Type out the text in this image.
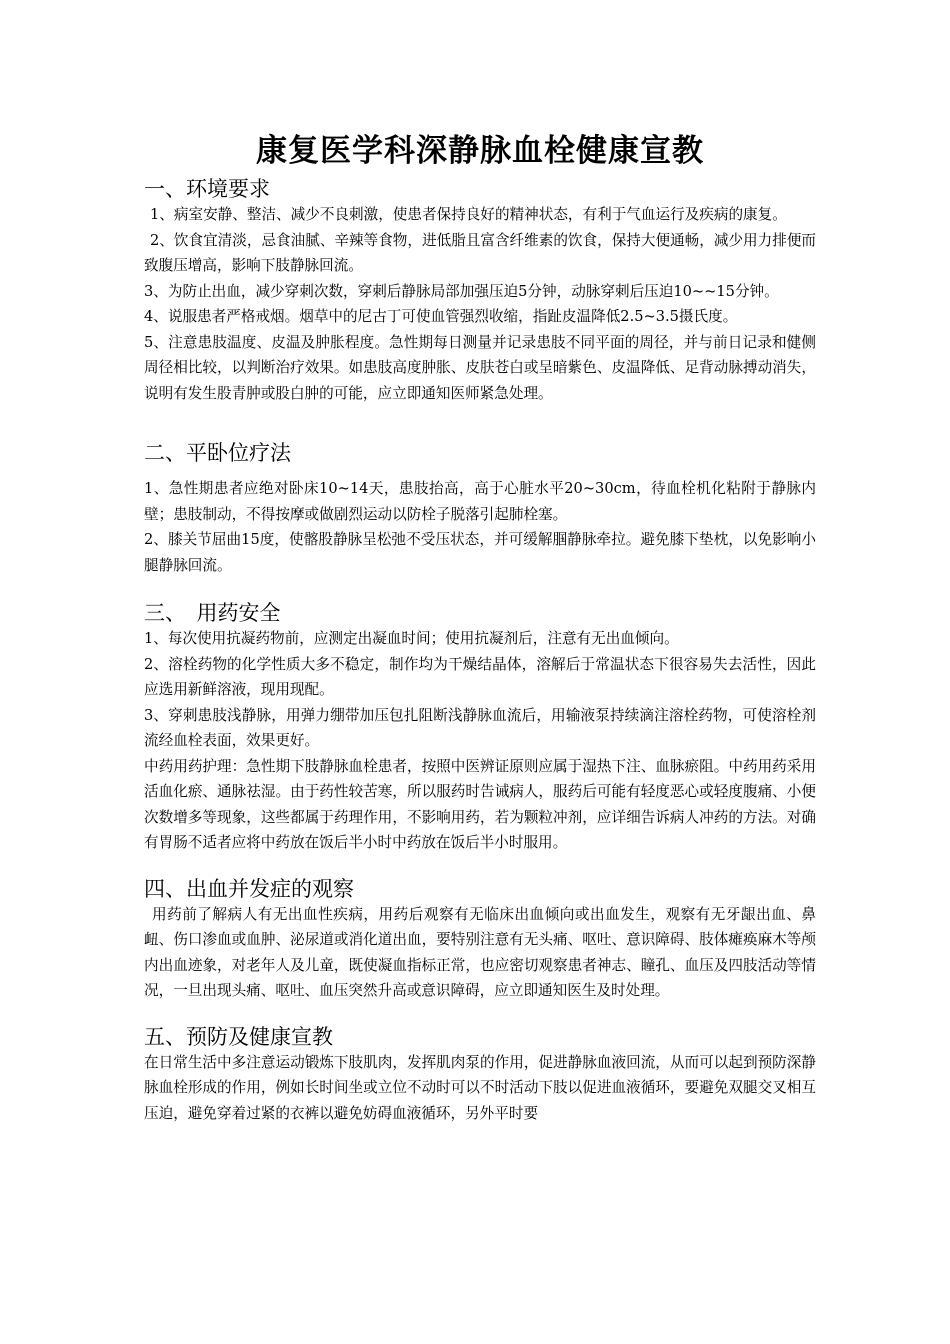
康复医学科深静脉血栓健康宣教
一、环境要求

1、病室安静、整洁、减少不良刺激，使患者保持良好的精神状态，有利于气血运行及疾病的康复。

2、饮食宜清淡，忌食油腻、辛辣等食物，进低脂且富含纤维素的饮食，保持大便通畅，减少用力排便而致腹压增高，影响下肢静脉回流。

3、为防止出血，减少穿刺次数，穿刺后静脉局部加强压迫5分钟，动脉穿刺后压迫10~~15分钟。

4、说服患者严格戒烟。烟草中的尼古丁可使血管强烈收缩，指趾皮温降低2.5~3.5摄氏度。

5、注意患肢温度、皮温及肿胀程度。急性期每日测量并记录患肢不同平面的周径，并与前日记录和健侧周径相比较，以判断治疗效果。如患肢高度肿胀、皮肤苍白或呈暗紫色、皮温降低、足背动脉搏动消失，说明有发生股青肿或股白肿的可能，应立即通知医师紧急处理。

二、平卧位疗法

1、急性期患者应绝对卧床10~14天，患肢抬高，高于心脏水平20~30cm，待血栓机化粘附于静脉内壁；患肢制动，不得按摩或做剧烈运动以防栓子脱落引起肺栓塞。

2、膝关节屈曲15度，使髂股静脉呈松弛不受压状态，并可缓解腘静脉牵拉。避免膝下垫枕，以免影响小腿静脉回流。

三、　用药安全

1、每次使用抗凝药物前，应测定出凝血时间；使用抗凝剂后，注意有无出血倾向。

2、溶栓药物的化学性质大多不稳定，制作均为干燥结晶体，溶解后于常温状态下很容易失去活性，因此应选用新鲜溶液，现用现配。

3、穿刺患肢浅静脉，用弹力绷带加压包扎阻断浅静脉血流后，用输液泵持续滴注溶栓药物，可使溶栓剂流经血栓表面，效果更好。

中药用药护理：急性期下肢静脉血栓患者，按照中医辨证原则应属于湿热下注、血脉瘀阻。中药用药采用活血化瘀、通脉祛湿。由于药性较苦寒，所以服药时告诫病人，服药后可能有轻度恶心或轻度腹痛、小便次数增多等现象，这些都属于药理作用，不影响用药，若为颗粒冲剂，应详细告诉病人冲药的方法。对确有胃肠不适者应将中药放在饭后半小时中药放在饭后半小时服用。

四、出血并发症的观察

用药前了解病人有无出血性疾病，用药后观察有无临床出血倾向或出血发生，观察有无牙龈出血、鼻衄、伤口渗血或血肿、泌尿道或消化道出血，要特别注意有无头痛、呕吐、意识障碍、肢体瘫痪麻木等颅内出血迹象，对老年人及儿童，既使凝血指标正常，也应密切观察患者神志、瞳孔、血压及四肢活动等情况，一旦出现头痛、呕吐、血压突然升高或意识障碍，应立即通知医生及时处理。

五、预防及健康宣教

在日常生活中多注意运动锻炼下肢肌肉，发挥肌肉泵的作用，促进静脉血液回流，从而可以起到预防深静脉血栓形成的作用，例如长时间坐或立位不动时可以不时活动下肢以促进血液循环，要避免双腿交叉相互压迫，避免穿着过紧的衣裤以避免妨碍血液循环，另外平时要
